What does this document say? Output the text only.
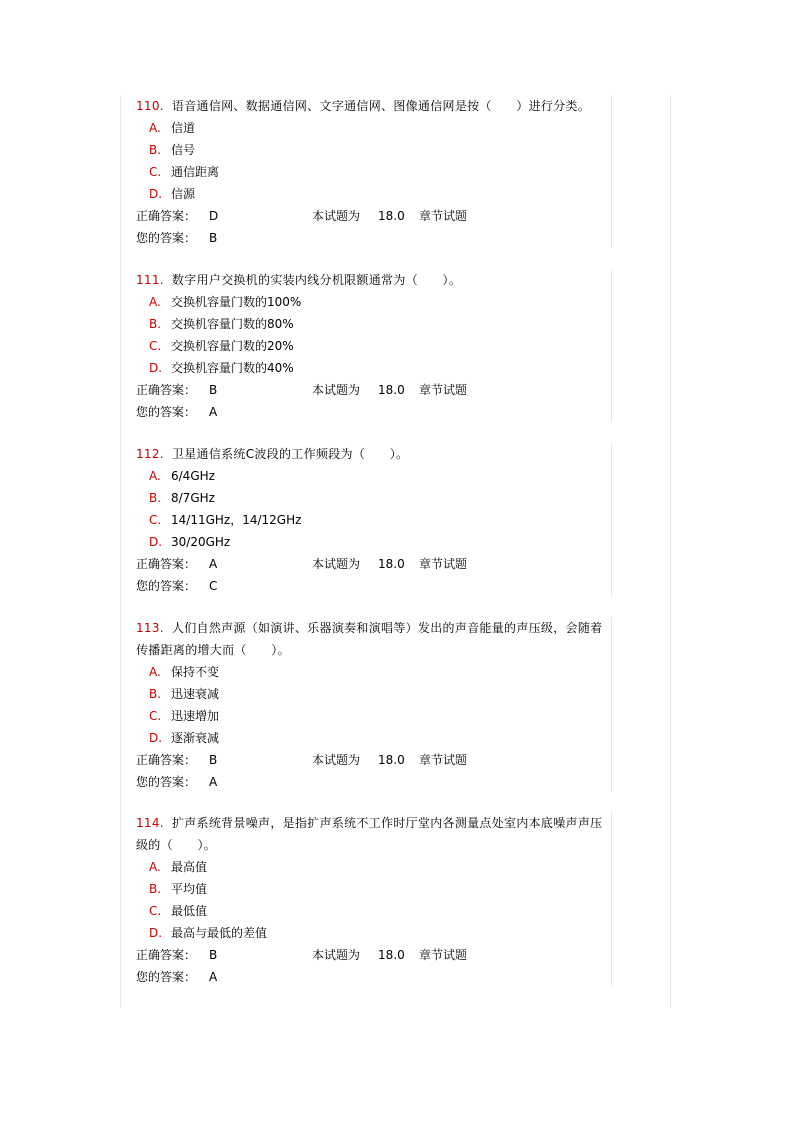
110. 语音通信网、数据通信网、文字通信网、图像通信网是按（　　）进行分类。
A. 信道
B. 信号
C. 通信距离
D. 信源
正确答案： D	本试题为 18.0 章节试题
您的答案： B
111. 数字用户交换机的实装内线分机限额通常为（　　）。
A. 交换机容量门数的100%
B. 交换机容量门数的80%
C. 交换机容量门数的20%
D. 交换机容量门数的40%
正确答案： B	本试题为 18.0 章节试题
您的答案： A
112. 卫星通信系统C波段的工作频段为（　　）。
A. 6/4GHz
B. 8/7GHz
C. 14/11GHz，14/12GHz
D. 30/20GHz
正确答案： A	本试题为 18.0 章节试题
您的答案： C
113. 人们自然声源（如演讲、乐器演奏和演唱等）发出的声音能量的声压级，会随着传播距离的增大而（　　）。
A. 保持不变
B. 迅速衰减
C. 迅速增加
D. 逐渐衰减
正确答案： B	本试题为 18.0 章节试题
您的答案： A
114. 扩声系统背景噪声，是指扩声系统不工作时厅堂内各测量点处室内本底噪声声压级的（　　）。
A. 最高值
B. 平均值
C. 最低值
D. 最高与最低的差值
正确答案： B	本试题为 18.0 章节试题
您的答案： A
